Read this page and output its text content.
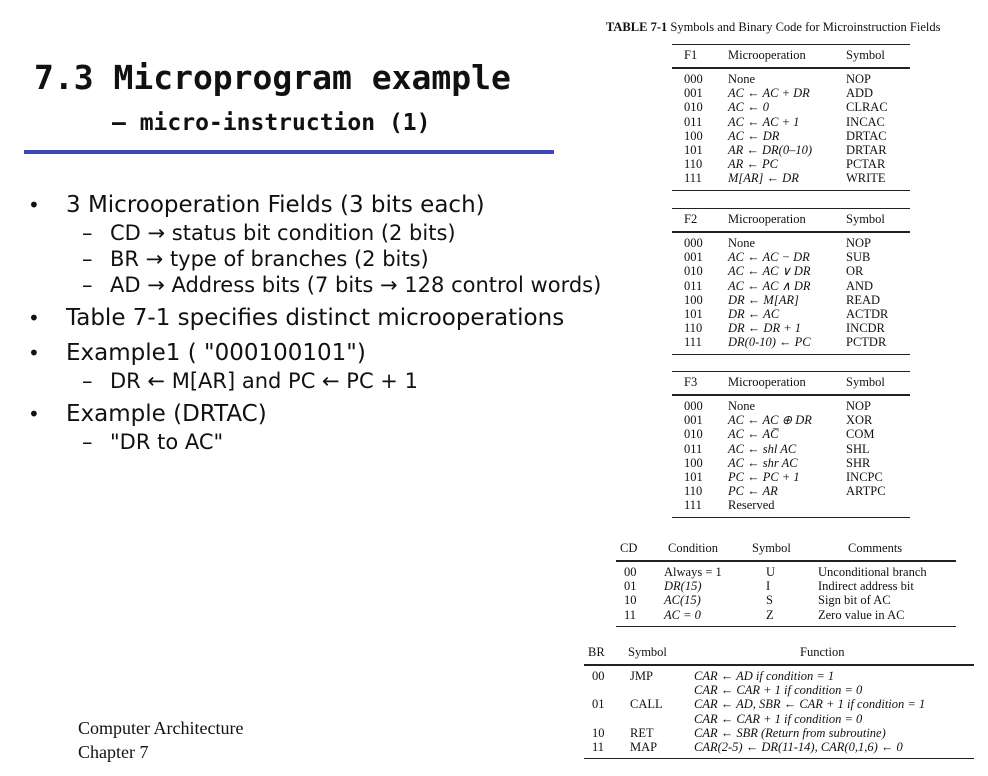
7.3 Microprogram example
– micro-instruction (1)

• 3 Microoperation Fields (3 bits each)

– CD → status bit condition (2 bits)

– BR → type of branches (2 bits)

– AD → Address bits (7 bits → 128 control words)

• Table 7-1 specifies distinct microoperations

• Example1 ( "000100101")

– DR ← M[AR] and PC ← PC + 1

• Example (DRTAC)

– "DR to AC"

Computer Architecture
Chapter 7
TABLE 7-1 Symbols and Binary Code for Microinstruction Fields
F1 Microoperation	Symbol
000 None	NOP
001 AC ← AC + DR	ADD
010 AC ← 0	CLRAC
011 AC ← AC + 1	INCAC
100 AC ← DR	DRTAC
101 AR ← DR(0–10)	DRTAR
110 AR ← PC	PCTAR
111 M[AR] ← DR	WRITE
F2 Microoperation	Symbol
000 None	NOP
001 AC ← AC − DR	SUB
010 AC ← AC ∨ DR	OR
011 AC ← AC ∧ DR	AND
100 DR ← M[AR]	READ
101 DR ← AC	ACTDR
110 DR ← DR + 1	INCDR
111 DR(0-10) ← PC	PCTDR
F3 Microoperation	Symbol
000 None	NOP
001 AC ← AC ⊕ DR	XOR
010 AC ← AC̅	COM
011 AC ← shl AC	SHL
100 AC ← shr AC	SHR
101 PC ← PC + 1	INCPC
110 PC ← AR	ARTPC
111 Reserved
CD Condition	Symbol	Comments
00 Always = 1	U	Unconditional branch
01 DR(15)	I	Indirect address bit
10 AC(15)	S	Sign bit of AC
11 AC = 0	Z	Zero value in AC
BR Symbol	Function
00 JMP	CAR ← AD if condition = 1
CAR ← CAR + 1 if condition = 0
01 CALL	CAR ← AD, SBR ← CAR + 1 if condition = 1
CAR ← CAR + 1 if condition = 0
10 RET	CAR ← SBR (Return from subroutine)
11 MAP	CAR(2-5) ← DR(11-14), CAR(0,1,6) ← 0
